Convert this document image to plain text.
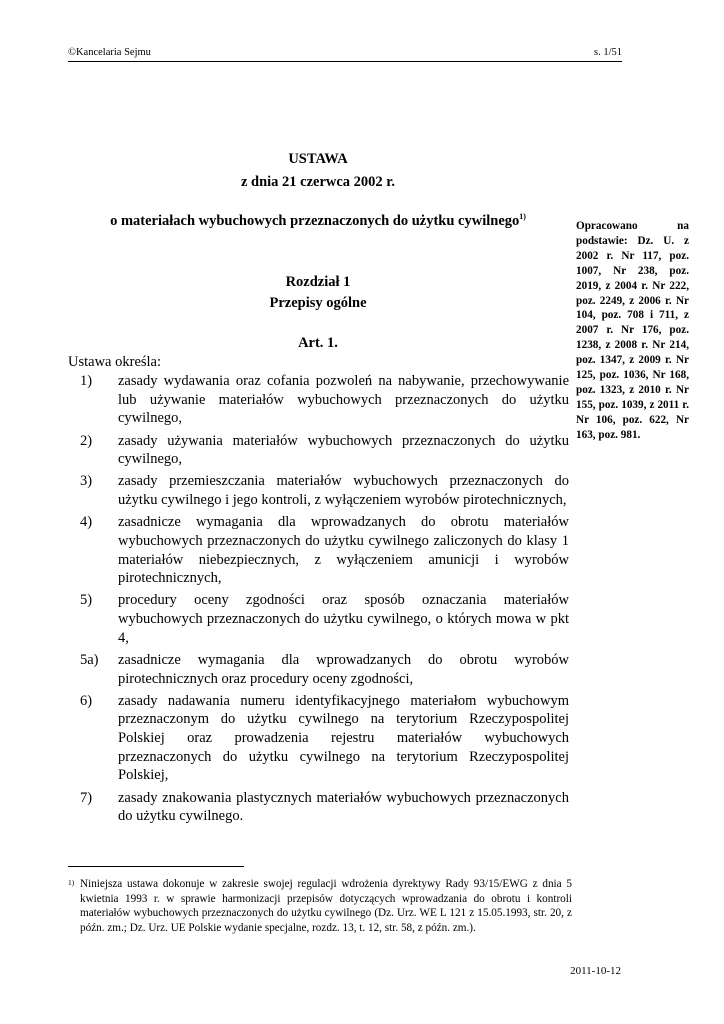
©Kancelaria Sejmu	s. 1/51
USTAWA
z dnia 21 czerwca 2002 r.
o materiałach wybuchowych przeznaczonych do użytku cywilnego$^{1)}$
Opracowano na podstawie: Dz. U. z 2002 r. Nr 117, poz. 1007, Nr 238, poz. 2019, z 2004 r. Nr 222, poz. 2249, z 2006 r. Nr 104, poz. 708 i 711, z 2007 r. Nr 176, poz. 1238, z 2008 r. Nr 214, poz. 1347, z 2009 r. Nr 125, poz. 1036, Nr 168, poz. 1323, z 2010 r. Nr 155, poz. 1039, z 2011 r. Nr 106, poz. 622, Nr 163, poz. 981.
Rozdział 1
Przepisy ogólne
Art. 1.
Ustawa określa:
1)	zasady wydawania oraz cofania pozwoleń na nabywanie, przechowywanie lub używanie materiałów wybuchowych przeznaczonych do użytku cywilnego,
2)	zasady używania materiałów wybuchowych przeznaczonych do użytku cywilnego,
3)	zasady przemieszczania materiałów wybuchowych przeznaczonych do użytku cywilnego i jego kontroli, z wyłączeniem wyrobów pirotechnicznych,
4)	zasadnicze wymagania dla wprowadzanych do obrotu materiałów wybuchowych przeznaczonych do użytku cywilnego zaliczonych do klasy 1 materiałów niebezpiecznych, z wyłączeniem amunicji i wyrobów pirotechnicznych,
5)	procedury oceny zgodności oraz sposób oznaczania materiałów wybuchowych przeznaczonych do użytku cywilnego, o których mowa w pkt 4,
5a)	zasadnicze wymagania dla wprowadzanych do obrotu wyrobów pirotechnicznych oraz procedury oceny zgodności,
6)	zasady nadawania numeru identyfikacyjnego materiałom wybuchowym przeznaczonym do użytku cywilnego na terytorium Rzeczypospolitej Polskiej oraz prowadzenia rejestru materiałów wybuchowych przeznaczonych do użytku cywilnego na terytorium Rzeczypospolitej Polskiej,
7)	zasady znakowania plastycznych materiałów wybuchowych przeznaczonych do użytku cywilnego.
1) Niniejsza ustawa dokonuje w zakresie swojej regulacji wdrożenia dyrektywy Rady 93/15/EWG z dnia 5 kwietnia 1993 r. w sprawie harmonizacji przepisów dotyczących wprowadzania do obrotu i kontroli materiałów wybuchowych przeznaczonych do użytku cywilnego (Dz. Urz. WE L 121 z 15.05.1993, str. 20, z późn. zm.; Dz. Urz. UE Polskie wydanie specjalne, rozdz. 13, t. 12, str. 58, z późn. zm.).
2011-10-12
